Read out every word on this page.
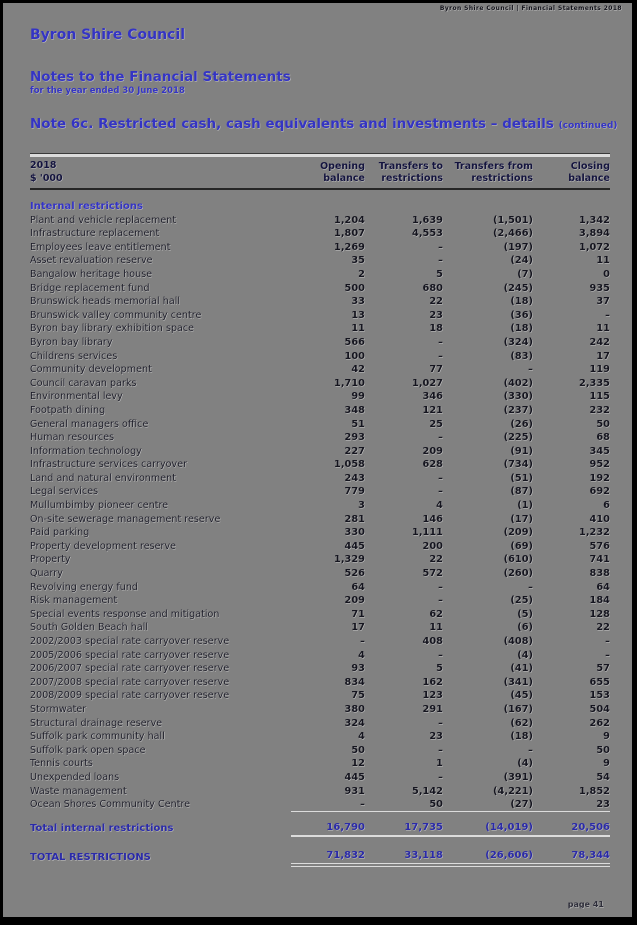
Byron Shire Council | Financial Statements 2018
Byron Shire Council
Notes to the Financial Statements
for the year ended 30 June 2018
Note 6c. Restricted cash, cash equivalents and investments – details (continued)
2018
$ '000
Opening balance
Transfers to restrictions
Transfers from restrictions
Closing balance
Internal restrictions
Plant and vehicle replacement	1,204	1,639	(1,501)	1,342
Infrastructure replacement	1,807	4,553	(2,466)	3,894
Employees leave entitlement	1,269	–	(197)	1,072
Asset revaluation reserve	35	–	(24)	11
Bangalow heritage house	2	5	(7)	0
Bridge replacement fund	500	680	(245)	935
Brunswick heads memorial hall	33	22	(18)	37
Brunswick valley community centre	13	23	(36)	–
Byron bay library exhibition space	11	18	(18)	11
Byron bay library	566	–	(324)	242
Childrens services	100	–	(83)	17
Community development	42	77	–	119
Council caravan parks	1,710	1,027	(402)	2,335
Environmental levy	99	346	(330)	115
Footpath dining	348	121	(237)	232
General managers office	51	25	(26)	50
Human resources	293	–	(225)	68
Information technology	227	209	(91)	345
Infrastructure services carryover	1,058	628	(734)	952
Land and natural environment	243	–	(51)	192
Legal services	779	–	(87)	692
Mullumbimby pioneer centre	3	4	(1)	6
On-site sewerage management reserve	281	146	(17)	410
Paid parking	330	1,111	(209)	1,232
Property development reserve	445	200	(69)	576
Property	1,329	22	(610)	741
Quarry	526	572	(260)	838
Revolving energy fund	64	–	–	64
Risk management	209	–	(25)	184
Special events response and mitigation	71	62	(5)	128
South Golden Beach hall	17	11	(6)	22
2002/2003 special rate carryover reserve	–	408	(408)	–
2005/2006 special rate carryover reserve	4	–	(4)	–
2006/2007 special rate carryover reserve	93	5	(41)	57
2007/2008 special rate carryover reserve	834	162	(341)	655
2008/2009 special rate carryover reserve	75	123	(45)	153
Stormwater	380	291	(167)	504
Structural drainage reserve	324	–	(62)	262
Suffolk park community hall	4	23	(18)	9
Suffolk park open space	50	–	–	50
Tennis courts	12	1	(4)	9
Unexpended loans	445	–	(391)	54
Waste management	931	5,142	(4,221)	1,852
Ocean Shores Community Centre	–	50	(27)	23
Total internal restrictions	16,790	17,735	(14,019)	20,506
TOTAL RESTRICTIONS	71,832	33,118	(26,606)	78,344
page 41
